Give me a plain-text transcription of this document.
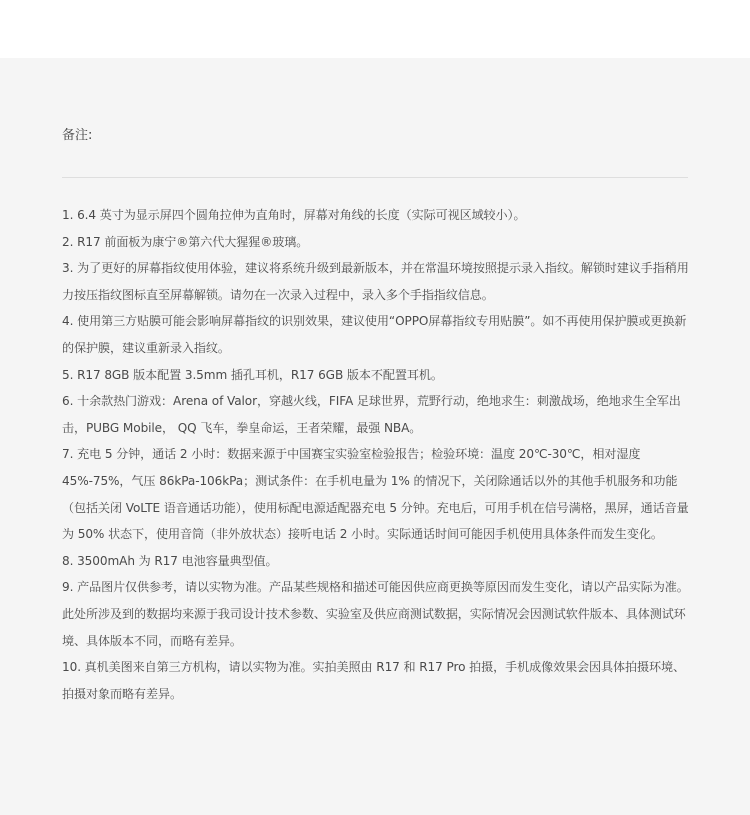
备注:
1. 6.4 英寸为显示屏四个圆角拉伸为直角时，屏幕对角线的长度（实际可视区域较小）。
2. R17 前面板为康宁®第六代大猩猩®玻璃。
3. 为了更好的屏幕指纹使用体验，建议将系统升级到最新版本，并在常温环境按照提示录入指纹。解锁时建议手指稍用力按压指纹图标直至屏幕解锁。请勿在一次录入过程中，录入多个手指指纹信息。
4. 使用第三方贴膜可能会影响屏幕指纹的识别效果，建议使用“OPPO屏幕指纹专用贴膜”。如不再使用保护膜或更换新的保护膜，建议重新录入指纹。
5. R17 8GB 版本配置 3.5mm 插孔耳机，R17 6GB 版本不配置耳机。
6. 十余款热门游戏：Arena of Valor，穿越火线，FIFA 足球世界，荒野行动，绝地求生：刺激战场，绝地求生全军出击，PUBG Mobile， QQ 飞车，拳皇命运，王者荣耀，最强 NBA。
7. 充电 5 分钟，通话 2 小时：数据来源于中国赛宝实验室检验报告；检验环境：温度 20℃-30℃，相对湿度45%-75%，气压 86kPa-106kPa；测试条件：在手机电量为 1% 的情况下，关闭除通话以外的其他手机服务和功能（包括关闭 VoLTE 语音通话功能），使用标配电源适配器充电 5 分钟。充电后，可用手机在信号满格，黑屏，通话音量为 50% 状态下，使用音筒（非外放状态）接听电话 2 小时。实际通话时间可能因手机使用具体条件而发生变化。
8. 3500mAh 为 R17 电池容量典型值。
9. 产品图片仅供参考，请以实物为准。产品某些规格和描述可能因供应商更换等原因而发生变化，请以产品实际为准。此处所涉及到的数据均来源于我司设计技术参数、实验室及供应商测试数据，实际情况会因测试软件版本、具体测试环境、具体版本不同，而略有差异。
10. 真机美图来自第三方机构，请以实物为准。实拍美照由 R17 和 R17 Pro 拍摄，手机成像效果会因具体拍摄环境、拍摄对象而略有差异。
